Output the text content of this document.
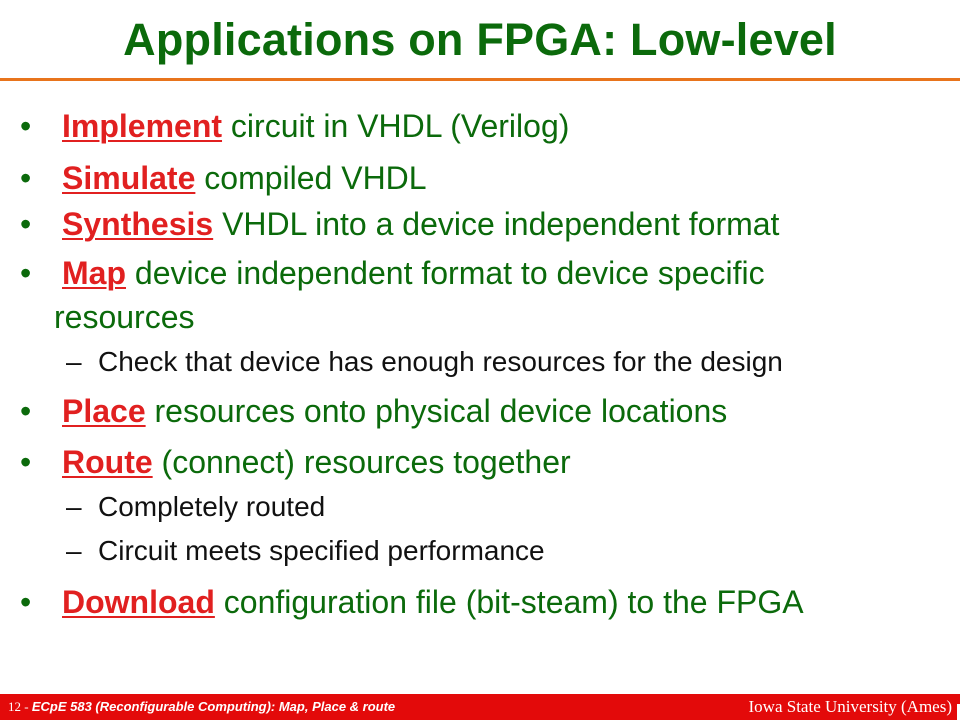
Applications on FPGA: Low-level
• Implement circuit in VHDL (Verilog)
• Simulate compiled VHDL
• Synthesis VHDL into a device independent format
• Map device independent format to device specific
resources
– Check that device has enough resources for the design
• Place resources onto physical device locations
• Route (connect) resources together
– Completely routed
– Circuit meets specified performance
• Download configuration file (bit-steam) to the FPGA
12 - ECpE 583 (Reconfigurable Computing): Map, Place & route	Iowa State University (Ames)
